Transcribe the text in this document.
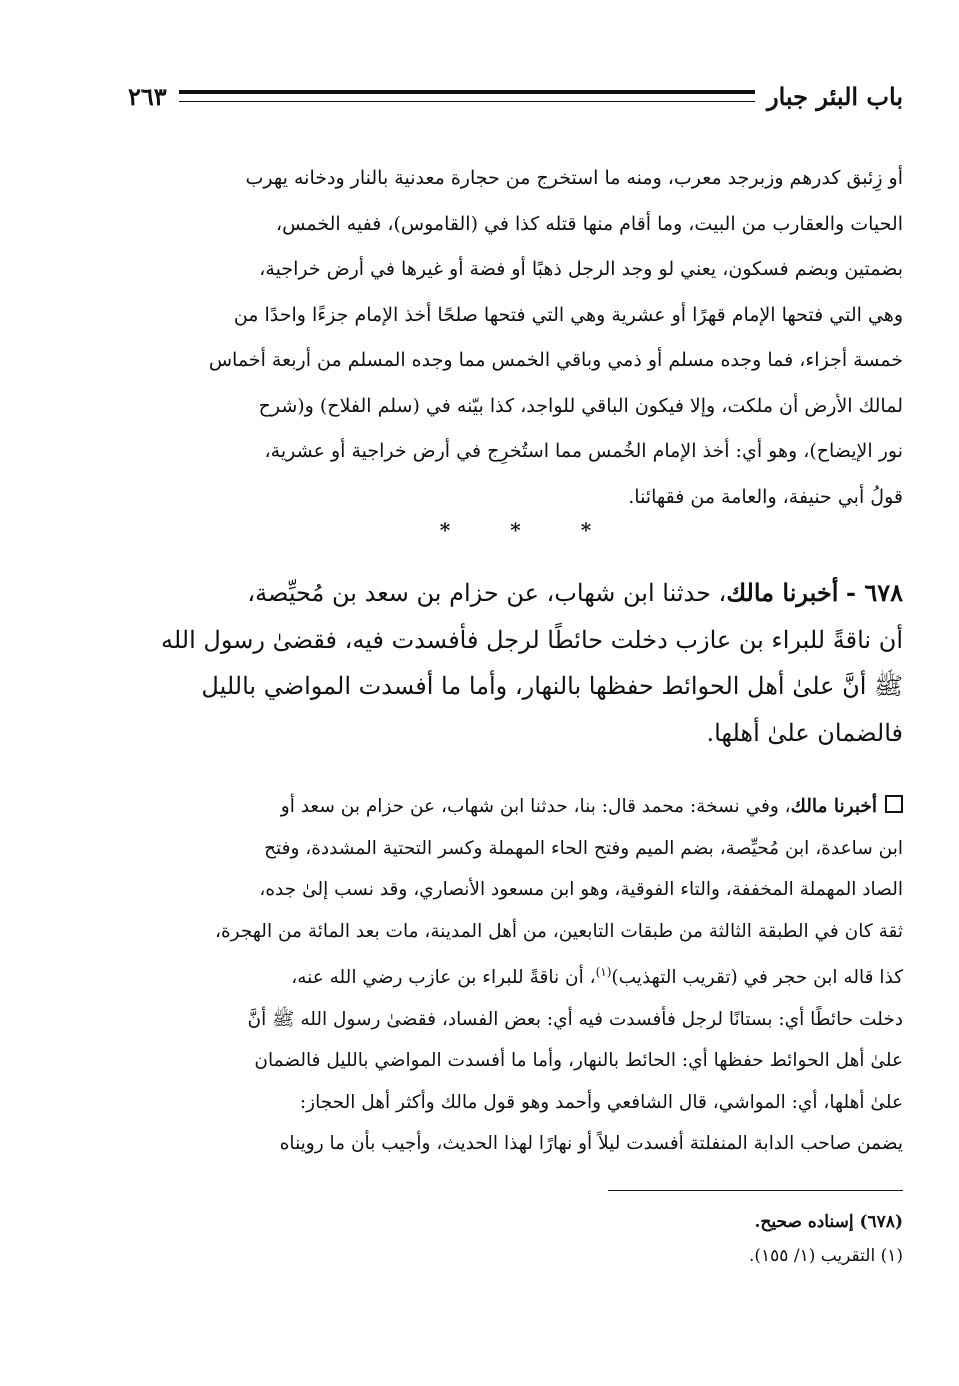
باب البئر جبار
٢٦٣

أو زِئبق كدرهم وزبرجد معرب، ومنه ما استخرج من حجارة معدنية بالنار ودخانه يهرب

الحيات والعقارب من البيت، وما أقام منها قتله كذا في (القاموس)، ففيه الخمس،

بضمتين وبضم فسكون، يعني لو وجد الرجل ذهبًا أو فضة أو غيرها في أرض خراجية،

وهي التي فتحها الإمام قهرًا أو عشرية وهي التي فتحها صلحًا أخذ الإمام جزءًا واحدًا من

خمسة أجزاء، فما وجده مسلم أو ذمي وباقي الخمس مما وجده المسلم من أربعة أخماس

لمالك الأرض أن ملكت، وإلا فيكون الباقي للواجد، كذا بيّنه في (سلم الفلاح) و(شرح

نور الإيضاح)، وهو أي: أخذ الإمام الخُمس مما استُخرِج في أرض خراجية أو عشرية،

قولُ أبي حنيفة، والعامة من فقهائنا.

*
*
*

٦٧٨ - أخبرنا مالك، حدثنا ابن شهاب، عن حزام بن سعد بن مُحيِّصة،

أن ناقةً للبراء بن عازب دخلت حائطًا لرجل فأفسدت فيه، فقضىٰ رسول الله

ﷺ أنَّ علىٰ أهل الحوائط حفظها بالنهار، وأما ما أفسدت المواضي بالليل

فالضمان علىٰ أهلها.

أخبرنا مالك، وفي نسخة: محمد قال: بنا، حدثنا ابن شهاب، عن حزام بن سعد أو

ابن ساعدة، ابن مُحيِّصة، بضم الميم وفتح الحاء المهملة وكسر التحتية المشددة، وفتح

الصاد المهملة المخففة، والتاء الفوقية، وهو ابن مسعود الأنصاري، وقد نسب إلىٰ جده،

ثقة كان في الطبقة الثالثة من طبقات التابعين، من أهل المدينة، مات بعد المائة من الهجرة،

كذا قاله ابن حجر في (تقريب التهذيب)$^{(١)}$، أن ناقةً للبراء بن عازب رضي الله عنه،

دخلت حائطًا أي: بستانًا لرجل فأفسدت فيه أي: بعض الفساد، فقضىٰ رسول الله ﷺ أنَّ

علىٰ أهل الحوائط حفظها أي: الحائط بالنهار، وأما ما أفسدت المواضي بالليل فالضمان

علىٰ أهلها، أي: المواشي، قال الشافعي وأحمد وهو قول مالك وأكثر أهل الحجاز:

يضمن صاحب الدابة المنفلتة أفسدت ليلاً أو نهارًا لهذا الحديث، وأجيب بأن ما رويناه

(٦٧٨) إسناده صحيح.

(١) التقريب (١/ ١٥٥).
